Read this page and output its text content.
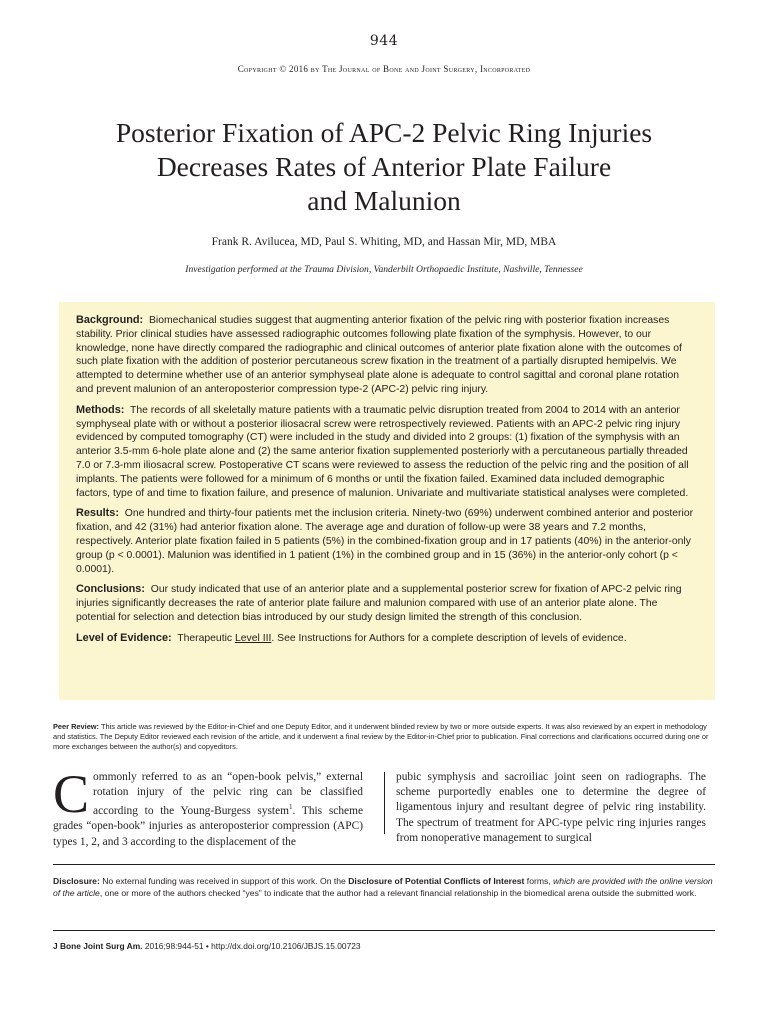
944
Copyright © 2016 by The Journal of Bone and Joint Surgery, Incorporated
Posterior Fixation of APC-2 Pelvic Ring Injuries
Decreases Rates of Anterior Plate Failure
and Malunion
Frank R. Avilucea, MD, Paul S. Whiting, MD, and Hassan Mir, MD, MBA
Investigation performed at the Trauma Division, Vanderbilt Orthopaedic Institute, Nashville, Tennessee

Background: Biomechanical studies suggest that augmenting anterior fixation of the pelvic ring with posterior fixation increases stability. Prior clinical studies have assessed radiographic outcomes following plate fixation of the symphysis. However, to our knowledge, none have directly compared the radiographic and clinical outcomes of anterior plate fixation alone with the outcomes of such plate fixation with the addition of posterior percutaneous screw fixation in the treatment of a partially disrupted hemipelvis. We attempted to determine whether use of an anterior symphyseal plate alone is adequate to control sagittal and coronal plane rotation and prevent malunion of an anteroposterior compression type-2 (APC-2) pelvic ring injury.

Methods: The records of all skeletally mature patients with a traumatic pelvic disruption treated from 2004 to 2014 with an anterior symphyseal plate with or without a posterior iliosacral screw were retrospectively reviewed. Patients with an APC-2 pelvic ring injury evidenced by computed tomography (CT) were included in the study and divided into 2 groups: (1) fixation of the symphysis with an anterior 3.5-mm 6-hole plate alone and (2) the same anterior fixation supplemented posteriorly with a percutaneous partially threaded 7.0 or 7.3-mm iliosacral screw. Postoperative CT scans were reviewed to assess the reduction of the pelvic ring and the position of all implants. The patients were followed for a minimum of 6 months or until the fixation failed. Examined data included demographic factors, type of and time to fixation failure, and presence of malunion. Univariate and multivariate statistical analyses were completed.

Results: One hundred and thirty-four patients met the inclusion criteria. Ninety-two (69%) underwent combined anterior and posterior fixation, and 42 (31%) had anterior fixation alone. The average age and duration of follow-up were 38 years and 7.2 months, respectively. Anterior plate fixation failed in 5 patients (5%) in the combined-fixation group and in 17 patients (40%) in the anterior-only group (p < 0.0001). Malunion was identified in 1 patient (1%) in the combined group and in 15 (36%) in the anterior-only cohort (p < 0.0001).

Conclusions: Our study indicated that use of an anterior plate and a supplemental posterior screw for fixation of APC-2 pelvic ring injuries significantly decreases the rate of anterior plate failure and malunion compared with use of an anterior plate alone. The potential for selection and detection bias introduced by our study design limited the strength of this conclusion.

Level of Evidence: Therapeutic Level III. See Instructions for Authors for a complete description of levels of evidence.

Peer Review: This article was reviewed by the Editor-in-Chief and one Deputy Editor, and it underwent blinded review by two or more outside experts. It was also reviewed by an expert in methodology and statistics. The Deputy Editor reviewed each revision of the article, and it underwent a final review by the Editor-in-Chief prior to publication. Final corrections and clarifications occurred during one or more exchanges between the author(s) and copyeditors.
Commonly referred to as an “open-book pelvis,” external rotation injury of the pelvic ring can be classified according to the Young-Burgess system$^1$. This scheme grades “open-book” injuries as anteroposterior compression (APC) types 1, 2, and 3 according to the displacement of the
pubic symphysis and sacroiliac joint seen on radiographs. The scheme purportedly enables one to determine the degree of ligamentous injury and resultant degree of pelvic ring instability. The spectrum of treatment for APC-type pelvic ring injuries ranges from nonoperative management to surgical
Disclosure: No external funding was received in support of this work. On the Disclosure of Potential Conflicts of Interest forms, which are provided with the online version of the article, one or more of the authors checked “yes” to indicate that the author had a relevant financial relationship in the biomedical arena outside the submitted work.
J Bone Joint Surg Am. 2016;98:944-51 • http://dx.doi.org/10.2106/JBJS.15.00723
